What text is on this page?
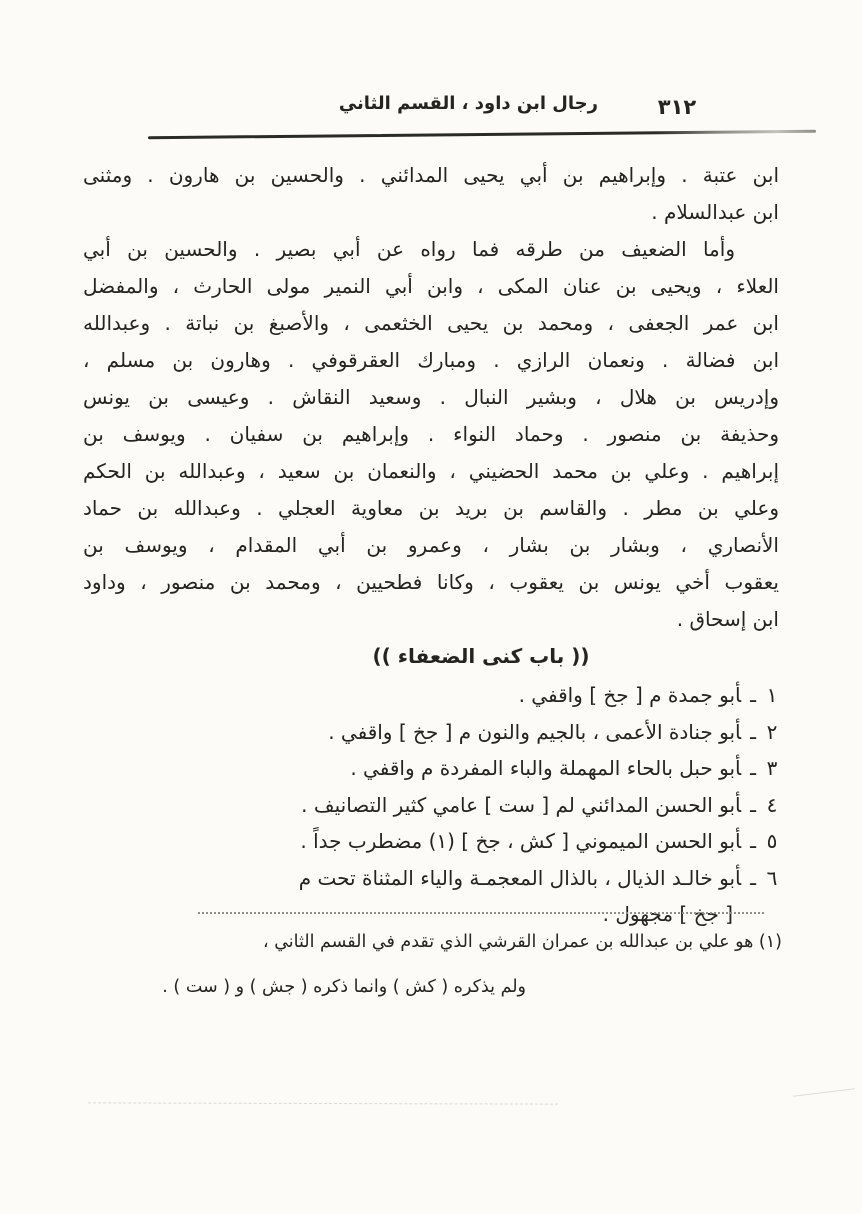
رجال ابن داود ، القسم الثاني	٣١٢
ابن عتبة . وإبراهيم بن أبي يحيى المدائني . والحسين بن هارون . ومثنى
ابن عبدالسلام .
وأما الضعيف من طرقه فما رواه عن أبي بصير . والحسين بن أبي
العلاء ، ويحيى بن عنان المكى ، وابن أبي النمير مولى الحارث ، والمفضل
ابن عمر الجعفى ، ومحمد بن يحيى الخثعمى ، والأصبغ بن نباتة . وعبدالله
ابن فضالة . ونعمان الرازي . ومبارك العقرقوفي . وهارون بن مسلم ،
وإدريس بن هلال ، وبشير النبال . وسعيد النقاش . وعيسى بن يونس
وحذيفة بن منصور . وحماد النواء . وإبراهيم بن سفيان . ويوسف بن
إبراهيم . وعلي بن محمد الحضيني ، والنعمان بن سعيد ، وعبدالله بن الحكم
وعلي بن مطر . والقاسم بن بريد بن معاوية العجلي . وعبدالله بن حماد
الأنصاري ، وبشار بن بشار ، وعمرو بن أبي المقدام ، ويوسف بن
يعقوب أخي يونس بن يعقوب ، وكانا فطحيين ، ومحمد بن منصور ، وداود
ابن إسحاق .
(( باب كنى الضعفاء ))
١ـأبو جمدة م [ جخ ] واقفي .
٢ـأبو جنادة الأعمى ، بالجيم والنون م [ جخ ] واقفي .
٣ـأبو حبل بالحاء المهملة والباء المفردة م واقفي .
٤ـأبو الحسن المدائني لم [ ست ] عامي كثير التصانيف .
٥ـأبو الحسن الميموني [ كش ، جخ ] (١) مضطرب جداً .
٦ـأبو خالـد الذيال ، بالذال المعجمـة والياء المثناة تحت م
[ جخ ] مجهول .
(١) هو علي بن عبدالله بن عمران القرشي الذي تقدم في القسم الثاني ،
ولم يذكره ( كش ) وانما ذكره ( جش ) و ( ست ) .
